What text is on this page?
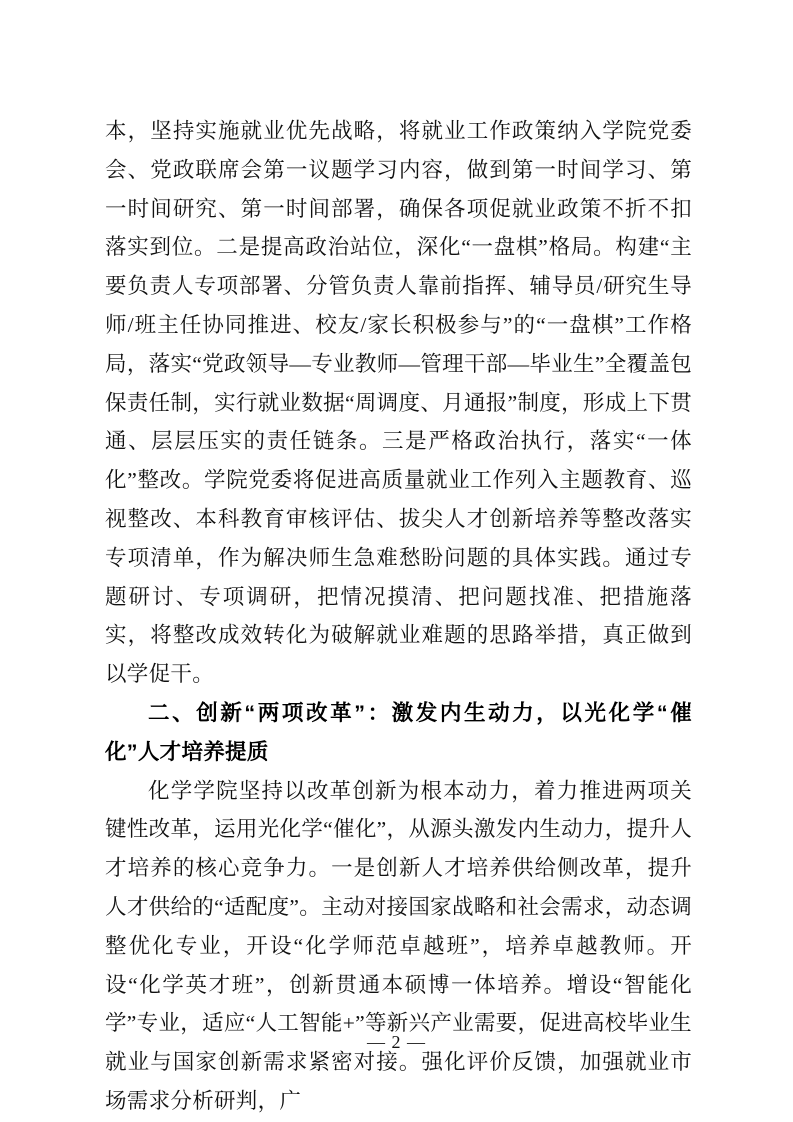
本，坚持实施就业优先战略，将就业工作政策纳入学院党委会、党政联席会第一议题学习内容，做到第一时间学习、第一时间研究、第一时间部署，确保各项促就业政策不折不扣落实到位。二是提高政治站位，深化“一盘棋”格局。构建“主要负责人专项部署、分管负责人靠前指挥、辅导员/研究生导师/班主任协同推进、校友/家长积极参与”的“一盘棋”工作格局，落实“党政领导—专业教师—管理干部—毕业生”全覆盖包保责任制，实行就业数据“周调度、月通报”制度，形成上下贯通、层层压实的责任链条。三是严格政治执行，落实“一体化”整改。学院党委将促进高质量就业工作列入主题教育、巡视整改、本科教育审核评估、拔尖人才创新培养等整改落实专项清单，作为解决师生急难愁盼问题的具体实践。通过专题研讨、专项调研，把情况摸清、把问题找准、把措施落实，将整改成效转化为破解就业难题的思路举措，真正做到以学促干。

二、创新“两项改革”：激发内生动力，以光化学“催化”人才培养提质

化学学院坚持以改革创新为根本动力，着力推进两项关键性改革，运用光化学“催化”，从源头激发内生动力，提升人才培养的核心竞争力。一是创新人才培养供给侧改革，提升人才供给的“适配度”。主动对接国家战略和社会需求，动态调整优化专业，开设“化学师范卓越班”，培养卓越教师。开设“化学英才班”，创新贯通本硕博一体培养。增设“智能化学”专业，适应“人工智能+”等新兴产业需要，促进高校毕业生就业与国家创新需求紧密对接。强化评价反馈，加强就业市场需求分析研判，广

— 2 —
